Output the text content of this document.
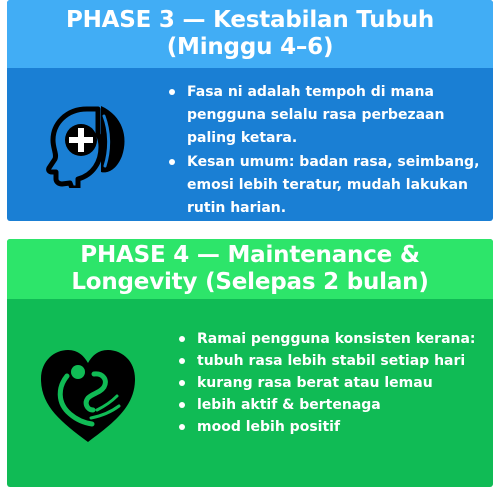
PHASE 3 — Kestabilan Tubuh
(Minggu 4–6)
Fasa ni adalah tempoh di mana pengguna selalu rasa perbezaan paling ketara.
Kesan umum: badan rasa, seimbang, emosi lebih teratur, mudah lakukan rutin harian.
PHASE 4 — Maintenance &
Longevity (Selepas 2 bulan)
Ramai pengguna konsisten kerana:
tubuh rasa lebih stabil setiap hari
kurang rasa berat atau lemau
lebih aktif & bertenaga
mood lebih positif
